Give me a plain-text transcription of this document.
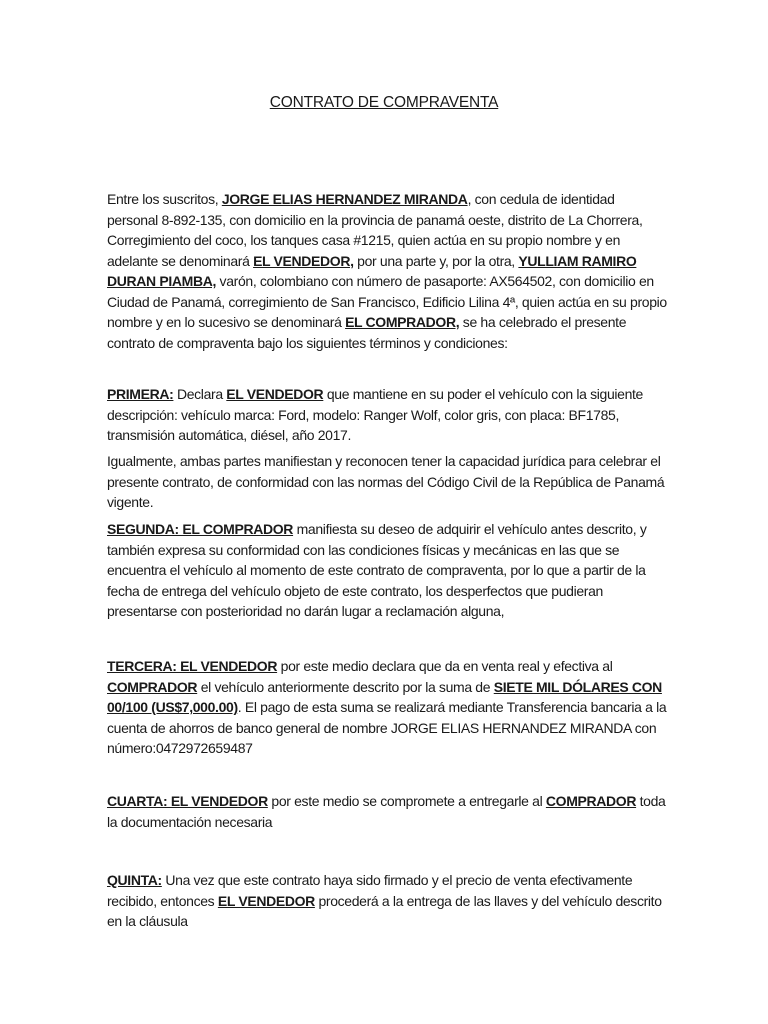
CONTRATO DE COMPRAVENTA
Entre los suscritos, JORGE ELIAS HERNANDEZ MIRANDA, con cedula de identidad personal 8-892-135, con domicilio en la provincia de panamá oeste, distrito de La Chorrera, Corregimiento del coco, los tanques casa #1215, quien actúa en su propio nombre y en adelante se denominará EL VENDEDOR, por una parte y, por la otra, YULLIAM RAMIRO DURAN PIAMBA, varón, colombiano con número de pasaporte: AX564502, con domicilio en Ciudad de Panamá, corregimiento de San Francisco, Edificio Lilina 4ª, quien actúa en su propio nombre y en lo sucesivo se denominará EL COMPRADOR, se ha celebrado el presente contrato de compraventa bajo los siguientes términos y condiciones:
PRIMERA: Declara EL VENDEDOR que mantiene en su poder el vehículo con la siguiente descripción: vehículo marca: Ford, modelo: Ranger Wolf, color gris, con placa: BF1785, transmisión automática, diésel, año 2017.
Igualmente, ambas partes manifiestan y reconocen tener la capacidad jurídica para celebrar el presente contrato, de conformidad con las normas del Código Civil de la República de Panamá vigente.
SEGUNDA: EL COMPRADOR manifiesta su deseo de adquirir el vehículo antes descrito, y también expresa su conformidad con las condiciones físicas y mecánicas en las que se encuentra el vehículo al momento de este contrato de compraventa, por lo que a partir de la fecha de entrega del vehículo objeto de este contrato, los desperfectos que pudieran presentarse con posterioridad no darán lugar a reclamación alguna,
TERCERA: EL VENDEDOR por este medio declara que da en venta real y efectiva al COMPRADOR el vehículo anteriormente descrito por la suma de SIETE MIL DÓLARES CON 00/100 (US$7,000.00). El pago de esta suma se realizará mediante Transferencia bancaria a la cuenta de ahorros de banco general de nombre JORGE ELIAS HERNANDEZ MIRANDA con número:0472972659487
CUARTA: EL VENDEDOR por este medio se compromete a entregarle al COMPRADOR toda la documentación necesaria
QUINTA: Una vez que este contrato haya sido firmado y el precio de venta efectivamente recibido, entonces EL VENDEDOR procederá a la entrega de las llaves y del vehículo descrito en la cláusula
